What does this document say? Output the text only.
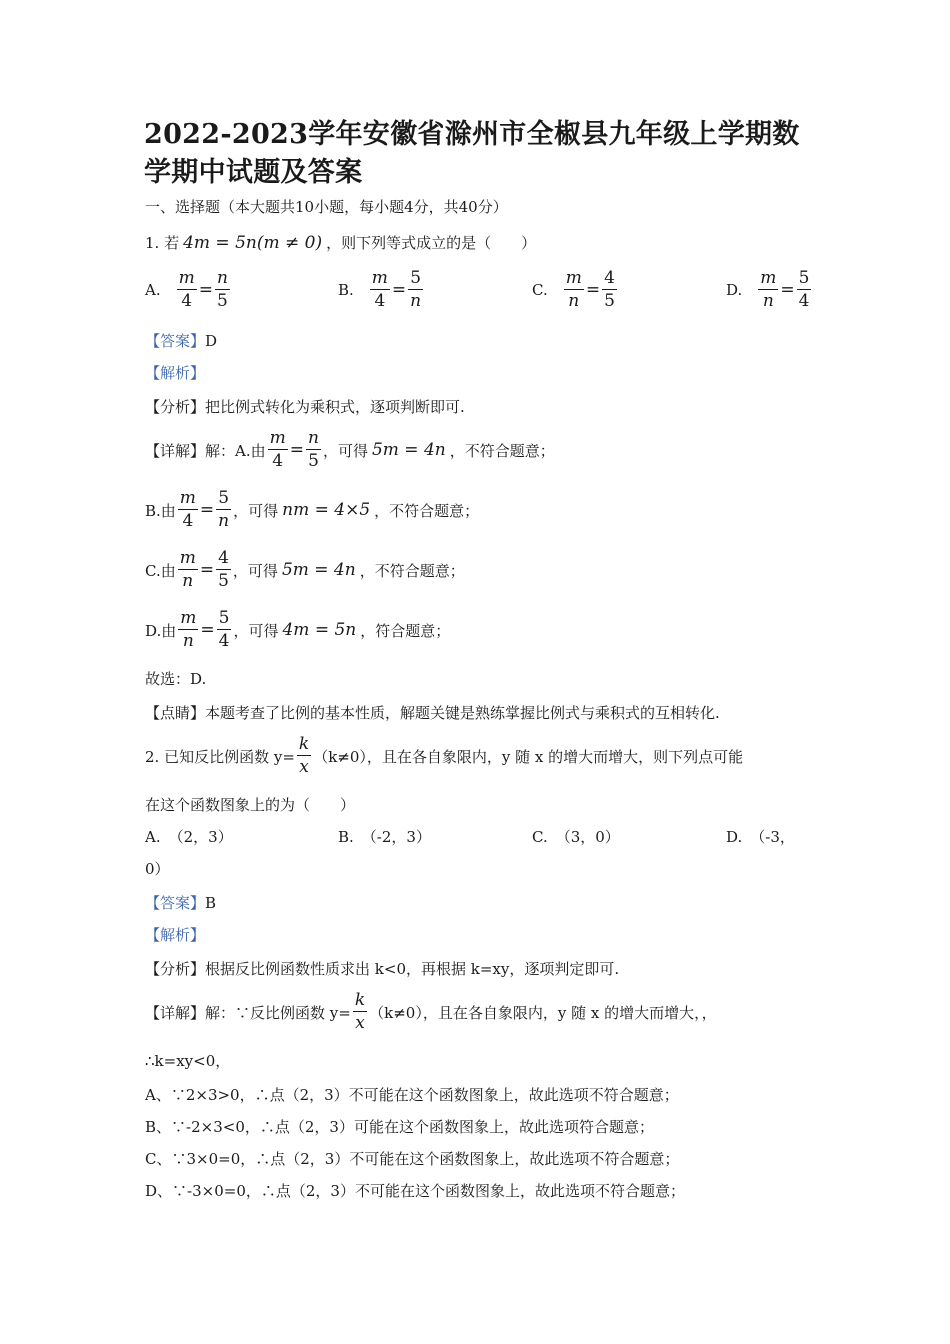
2022-2023学年安徽省滁州市全椒县九年级上学期数学期中试题及答案
一、选择题（本大题共10小题，每小题4分，共40分）
1. 若 4m = 5n(m ≠ 0) ，则下列等式成立的是（　　）
A. $\frac{m}{4} = \frac{n}{5}$	B. $\frac{m}{4} = \frac{5}{n}$	C. $\frac{m}{n} = \frac{4}{5}$	D. $\frac{m}{n} = \frac{5}{4}$
【答案】 D
【解析】
【分析】 把比例式转化为乘积式，逐项判断即可.
【详解】 解：A.由 $\frac{m}{4} = \frac{n}{5}$ ，可得 5m = 4n ，不符合题意；
B.由 $\frac{m}{4} = \frac{5}{n}$ ，可得 nm = 4×5 ，不符合题意；
C.由 $\frac{m}{n} = \frac{4}{5}$ ，可得 5m = 4n ，不符合题意；
D.由 $\frac{m}{n} = \frac{5}{4}$ ，可得 4m = 5n ，符合题意；
故选：D.
【点睛】 本题考查了比例的基本性质，解题关键是熟练掌握比例式与乘积式的互相转化.
2. 已知反比例函数 $y= \frac{k}{x} (k\ne 0)$，且在各自象限内，y 随 x 的增大而增大，则下列点可能
在这个函数图象上的为（　　）
A. （2，3）	B. （-2，3）	C. （3，0）	D. （-3，
0）
【答案】 B
【解析】
【分析】 根据反比例函数性质求出 k<0，再根据 k=xy，逐项判定即可.
【详解】 解：∵反比例函数 $y= \frac{k}{x} (k\ne 0)$，且在各自象限内，y 随 x 的增大而增大，，
∴k=xy<0，
A、∵2×3>0，∴点（2，3）不可能在这个函数图象上，故此选项不符合题意；
B、∵-2×3<0，∴点（2，3）可能在这个函数图象上，故此选项符合题意；
C、∵3×0=0，∴点（2，3）不可能在这个函数图象上，故此选项不符合题意；
D、∵-3×0=0，∴点（2，3）不可能在这个函数图象上，故此选项不符合题意；
